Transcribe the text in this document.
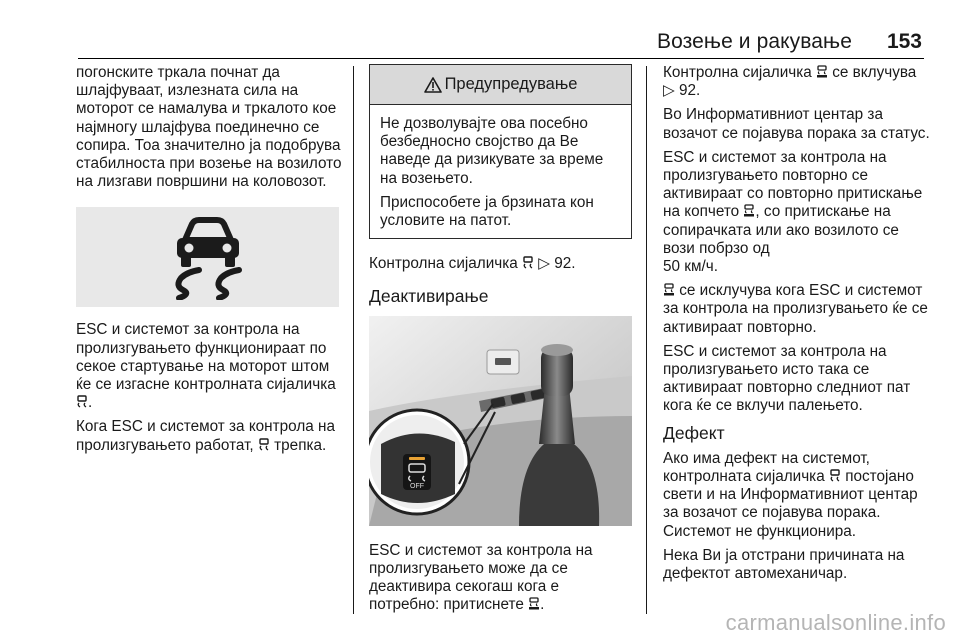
Возење и ракување 153

погонските тркала почнат да шлајфуваат, излезната сила на моторот се намалува и тркалото кое најмногу шлајфува поединечно се сопира. Тоа значително ја подобрува стабилноста при возење на возилото на лизгави површини на коловозот.

ESC и системот за контрола на пролизгувањето функционираат по секое стартување на моторот штом ќе се изгасне контролната сијаличка .

Кога ESC и системот за контрола на пролизгувањето работат, трепка.

Предупредување

Не дозволувајте ова посебно безбедносно својство да Ве наведе да ризикувате за време на возењето.

Приспособете ја брзината кон условите на патот.

Контролна сијаличка ▷ 92.

Деактивирање
OFF

ESC и системот за контрола на пролизгувањето може да се деактивира секогаш кога е потребно: притиснете .

Контролна сијаличка се вклучува ▷ 92.

Во Информативниот центар за возачот се појавува порака за статус.

ESC и системот за контрола на пролизгувањето повторно се активираат со повторно притискање на копчето , со притискање на сопирачката или ако возилото се вози побрзо од
50 км/ч.

се исклучува кога ESC и системот за контрола на пролизгувањето ќе се активираат повторно.

ESC и системот за контрола на пролизгувањето исто така се активираат повторно следниот пат кога ќе се вклучи палењето.

Дефект

Ако има дефект на системот, контролната сијаличка постојано свети и на Информативниот центар за возачот се појавува порака. Системот не функционира.

Нека Ви ја отстрани причината на дефектот автомеханичар.

carmanualsonline.info
